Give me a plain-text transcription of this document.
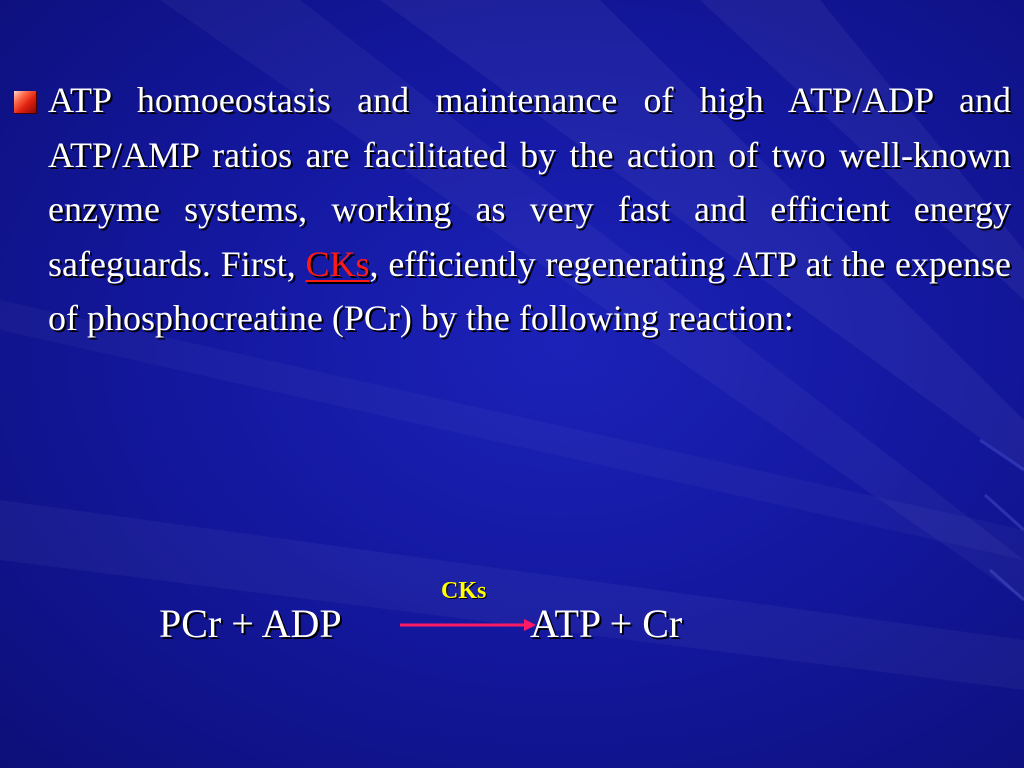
ATP homoeostasis and maintenance of high ATP/ADP and ATP/AMP ratios are facilitated by the action of two well-known enzyme systems, working as very fast and efficient energy safeguards. First, CKs, efficiently regenerating ATP at the expense of phosphocreatine (PCr) by the following reaction:

CKs
PCr + ADP	ATP + Cr
